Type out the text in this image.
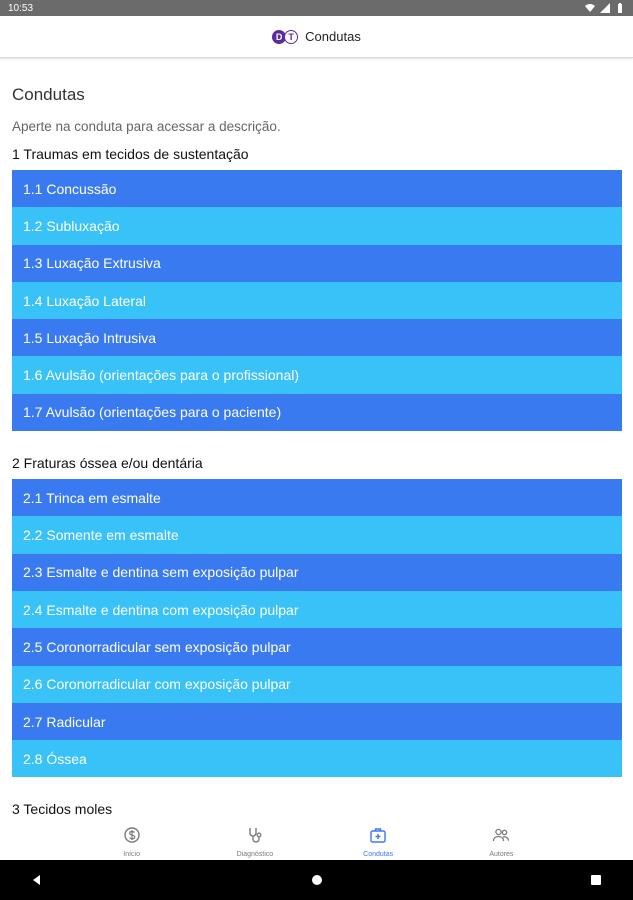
10:53
D T Condutas
Condutas

Aperte na conduta para acessar a descrição.

1 Traumas em tecidos de sustentação
1.1 Concussão
1.2 Subluxação
1.3 Luxação Extrusiva
1.4 Luxação Lateral
1.5 Luxação Intrusiva
1.6 Avulsão (orientações para o profissional)
1.7 Avulsão (orientações para o paciente)
2 Fraturas óssea e/ou dentária
2.1 Trinca em esmalte
2.2 Somente em esmalte
2.3 Esmalte e dentina sem exposição pulpar
2.4 Esmalte e dentina com exposição pulpar
2.5 Coronorradicular sem exposição pulpar
2.6 Coronorradicular com exposição pulpar
2.7 Radicular
2.8 Óssea
3 Tecidos moles
Início	Diagnóstico	Condutas	Autores
